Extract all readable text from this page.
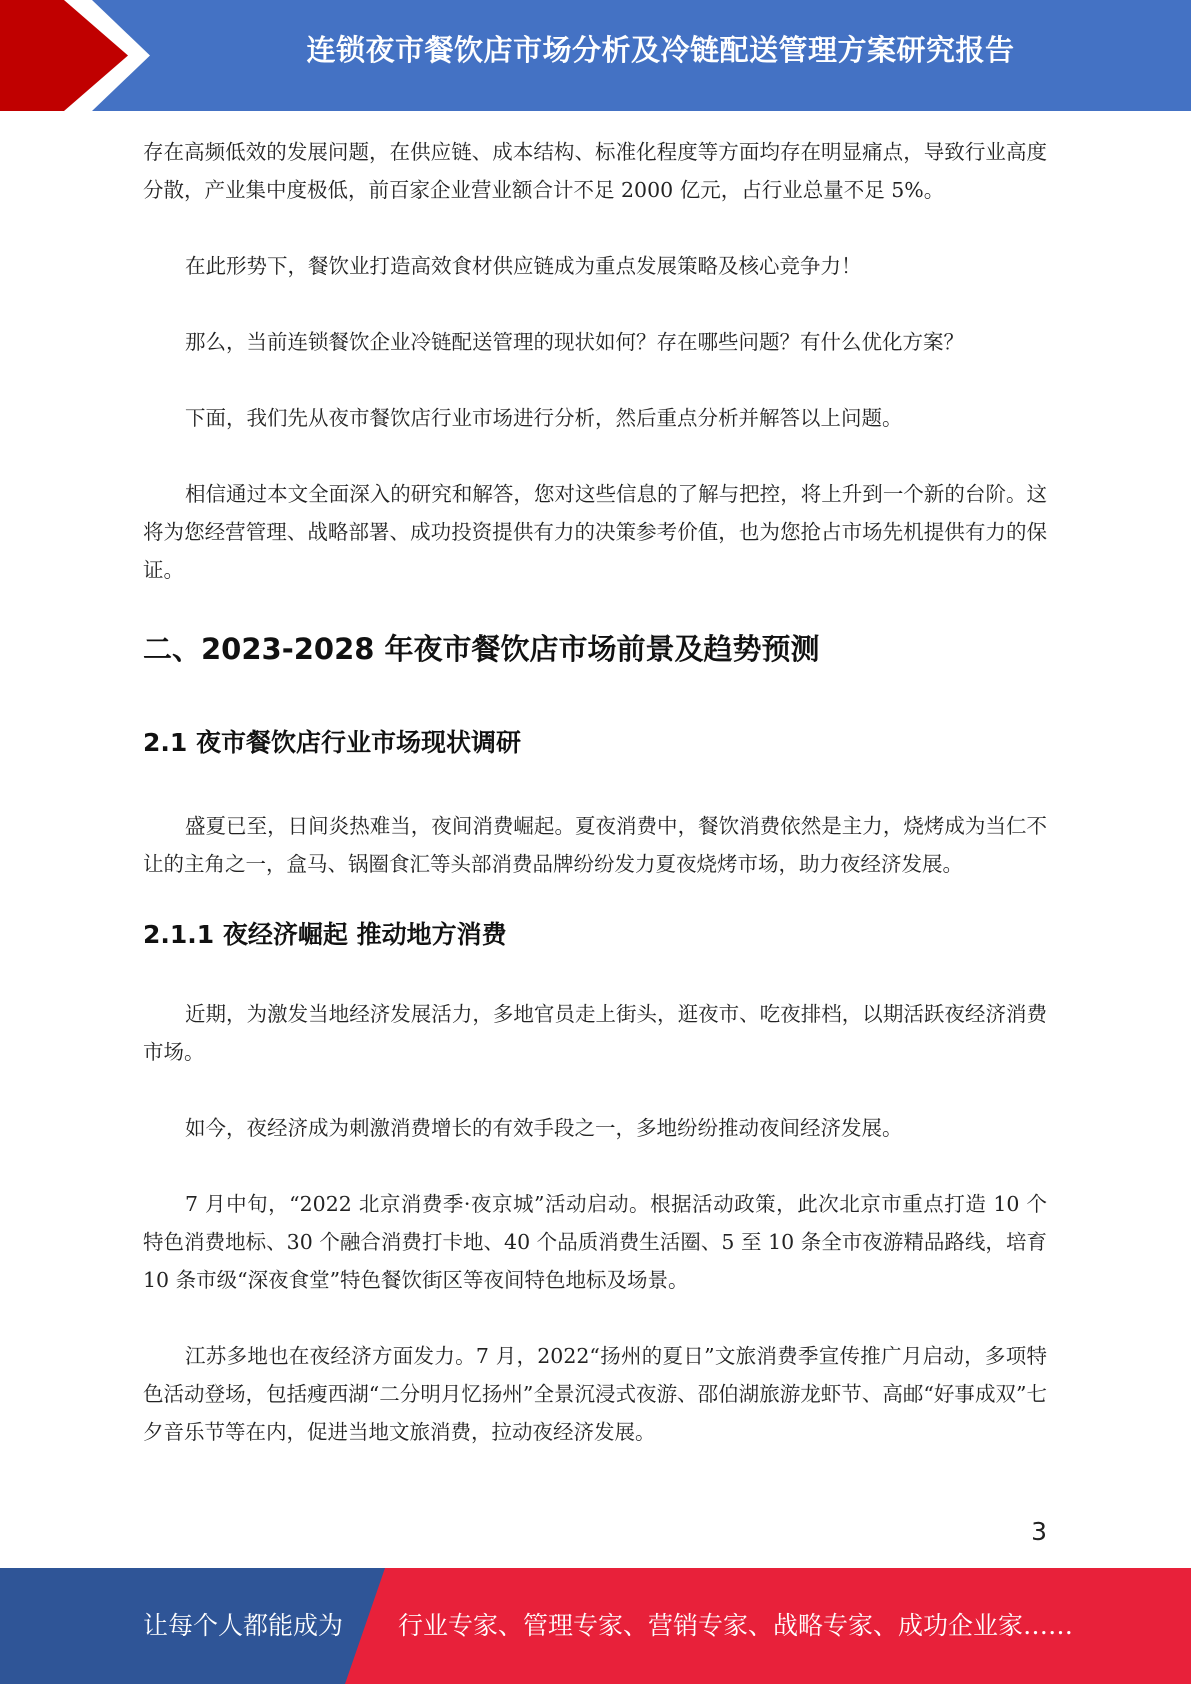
连锁夜市餐饮店市场分析及冷链配送管理方案研究报告

存在高频低效的发展问题，在供应链、成本结构、标准化程度等方面均存在明显痛点，导致行业高度分散，产业集中度极低，前百家企业营业额合计不足 2000 亿元，占行业总量不足 5%。

在此形势下，餐饮业打造高效食材供应链成为重点发展策略及核心竞争力！

那么，当前连锁餐饮企业冷链配送管理的现状如何？存在哪些问题？有什么优化方案？

下面，我们先从夜市餐饮店行业市场进行分析，然后重点分析并解答以上问题。

相信通过本文全面深入的研究和解答，您对这些信息的了解与把控，将上升到一个新的台阶。这将为您经营管理、战略部署、成功投资提供有力的决策参考价值，也为您抢占市场先机提供有力的保证。

二、2023-2028 年夜市餐饮店市场前景及趋势预测
2.1 夜市餐饮店行业市场现状调研

盛夏已至，日间炎热难当，夜间消费崛起。夏夜消费中，餐饮消费依然是主力，烧烤成为当仁不让的主角之一，盒马、锅圈食汇等头部消费品牌纷纷发力夏夜烧烤市场，助力夜经济发展。

2.1.1 夜经济崛起 推动地方消费

近期，为激发当地经济发展活力，多地官员走上街头，逛夜市、吃夜排档，以期活跃夜经济消费市场。

如今，夜经济成为刺激消费增长的有效手段之一，多地纷纷推动夜间经济发展。

7 月中旬，“2022 北京消费季·夜京城”活动启动。根据活动政策，此次北京市重点打造 10 个特色消费地标、30 个融合消费打卡地、40 个品质消费生活圈、5 至 10 条全市夜游精品路线，培育 10 条市级“深夜食堂”特色餐饮街区等夜间特色地标及场景。

江苏多地也在夜经济方面发力。7 月，2022“扬州的夏日”文旅消费季宣传推广月启动，多项特色活动登场，包括瘦西湖“二分明月忆扬州”全景沉浸式夜游、邵伯湖旅游龙虾节、高邮“好事成双”七夕音乐节等在内，促进当地文旅消费，拉动夜经济发展。

3
让每个人都能成为 行业专家、管理专家、营销专家、战略专家、成功企业家……
